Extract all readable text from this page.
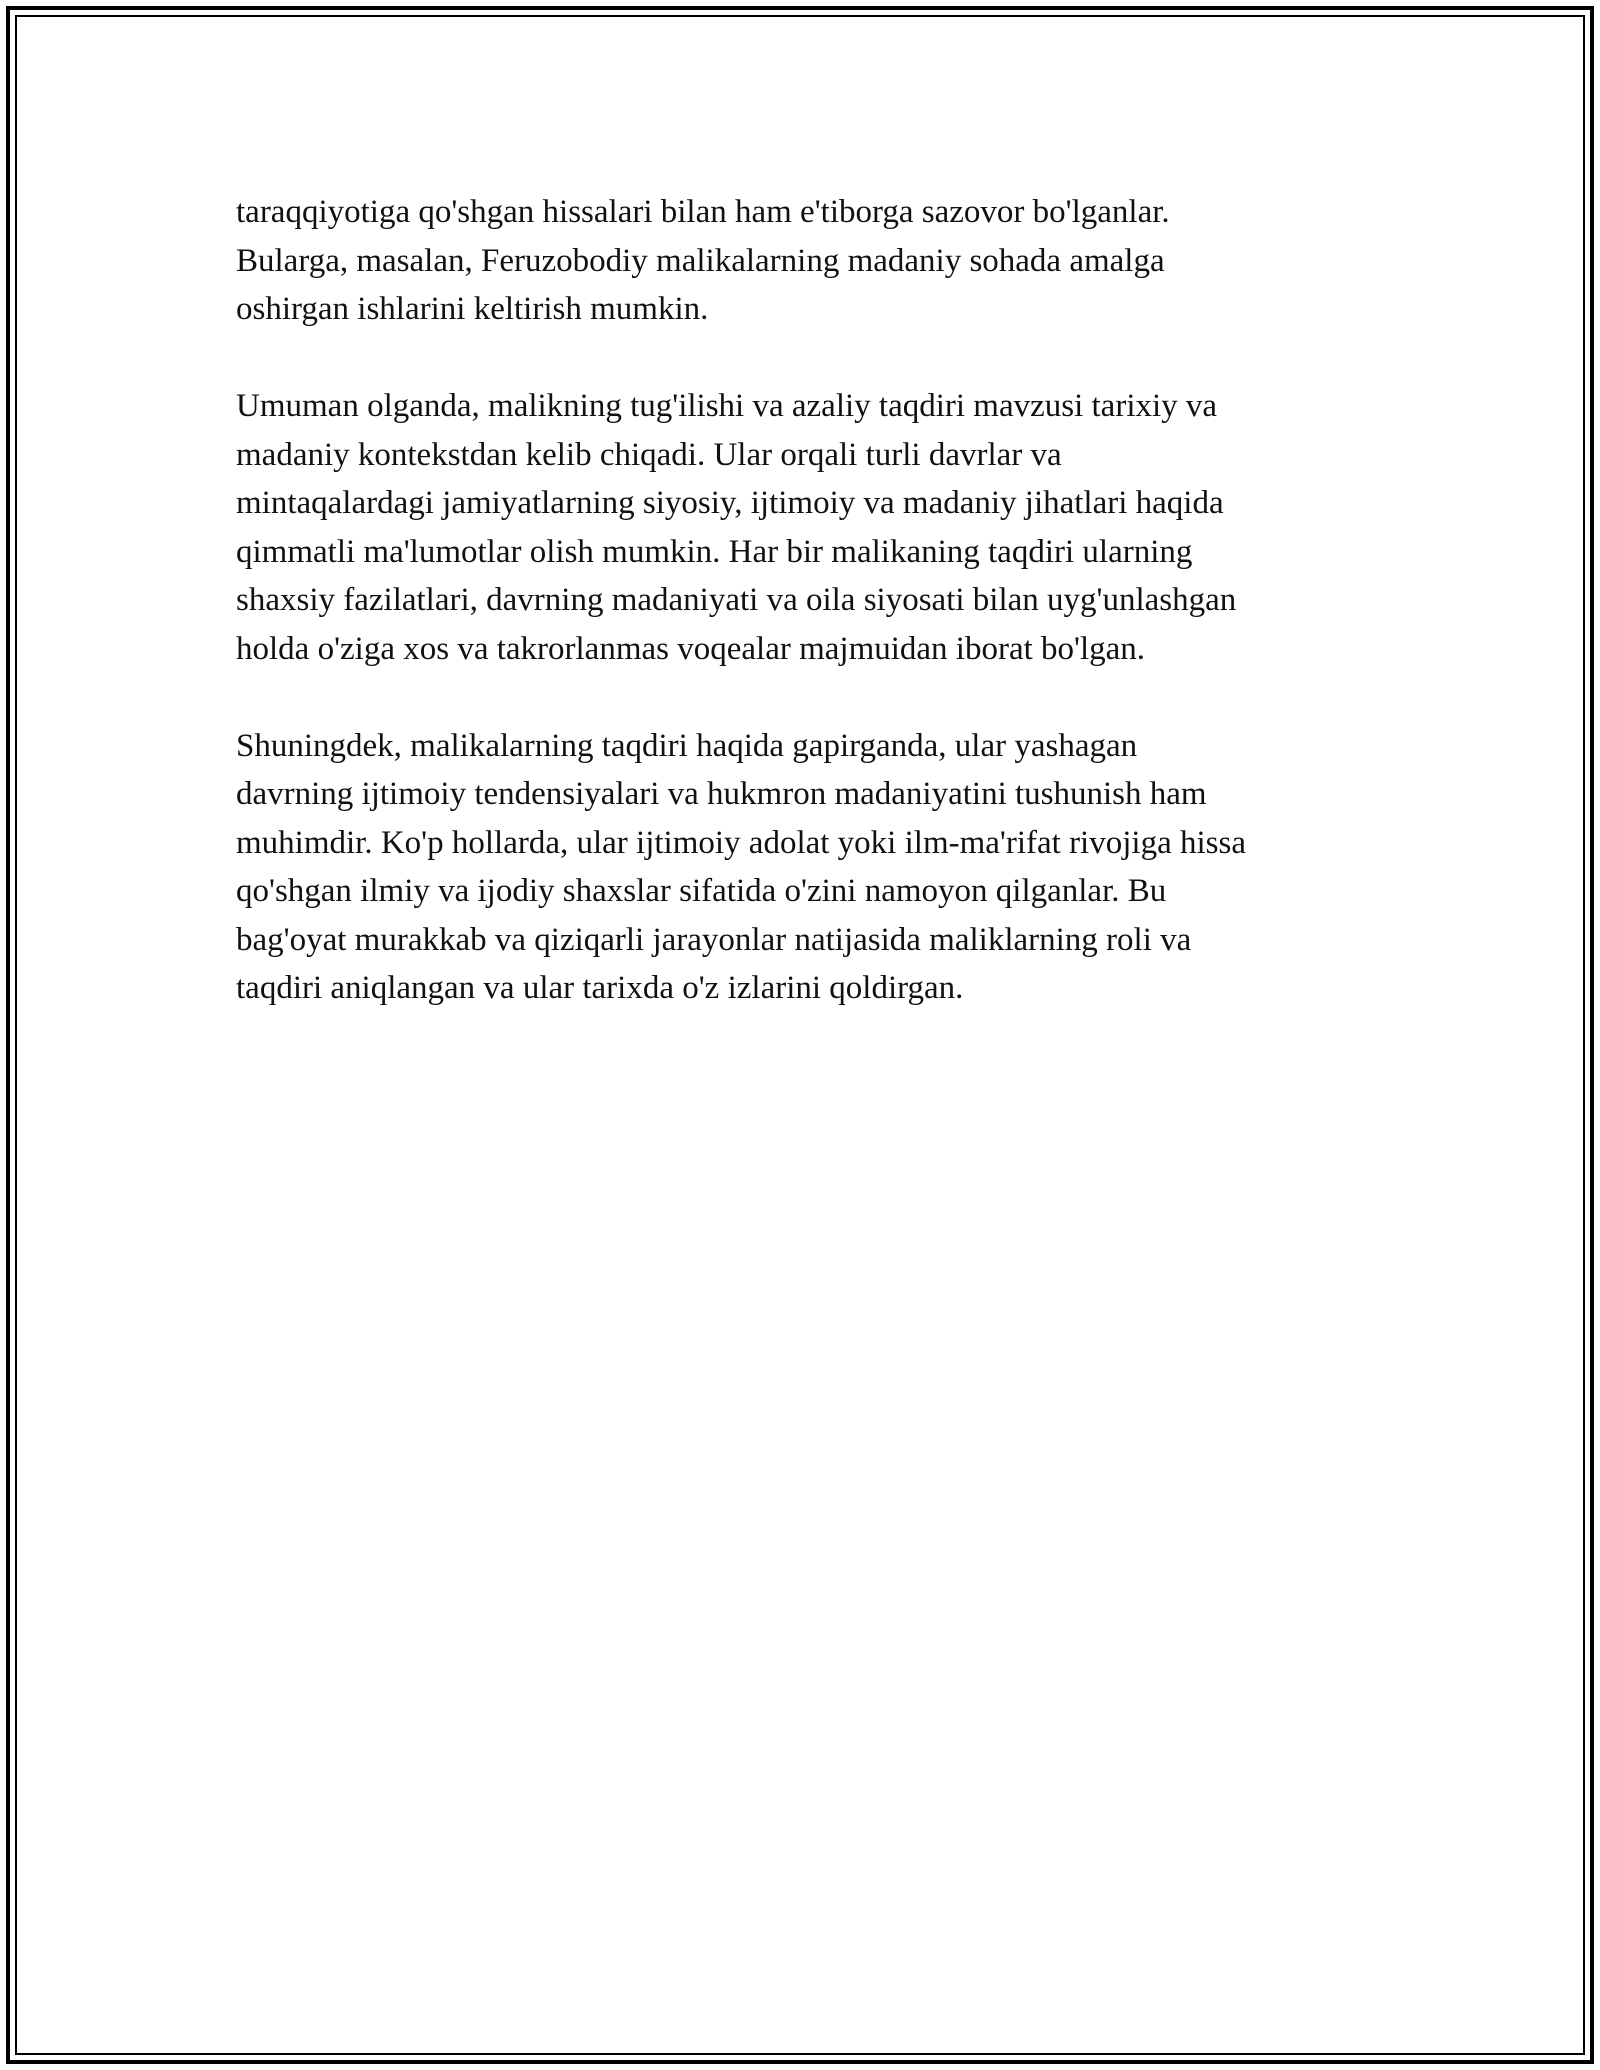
taraqqiyotiga qo'shgan hissalari bilan ham e'tiborga sazovor bo'lganlar.
Bularga, masalan, Feruzobodiy malikalarning madaniy sohada amalga
oshirgan ishlarini keltirish mumkin.

Umuman olganda, malikning tug'ilishi va azaliy taqdiri mavzusi tarixiy va
madaniy kontekstdan kelib chiqadi. Ular orqali turli davrlar va
mintaqalardagi jamiyatlarning siyosiy, ijtimoiy va madaniy jihatlari haqida
qimmatli ma'lumotlar olish mumkin. Har bir malikaning taqdiri ularning
shaxsiy fazilatlari, davrning madaniyati va oila siyosati bilan uyg'unlashgan
holda o'ziga xos va takrorlanmas voqealar majmuidan iborat bo'lgan.

Shuningdek, malikalarning taqdiri haqida gapirganda, ular yashagan
davrning ijtimoiy tendensiyalari va hukmron madaniyatini tushunish ham
muhimdir. Ko'p hollarda, ular ijtimoiy adolat yoki ilm-ma'rifat rivojiga hissa
qo'shgan ilmiy va ijodiy shaxslar sifatida o'zini namoyon qilganlar. Bu
bag'oyat murakkab va qiziqarli jarayonlar natijasida maliklarning roli va
taqdiri aniqlangan va ular tarixda o'z izlarini qoldirgan.
